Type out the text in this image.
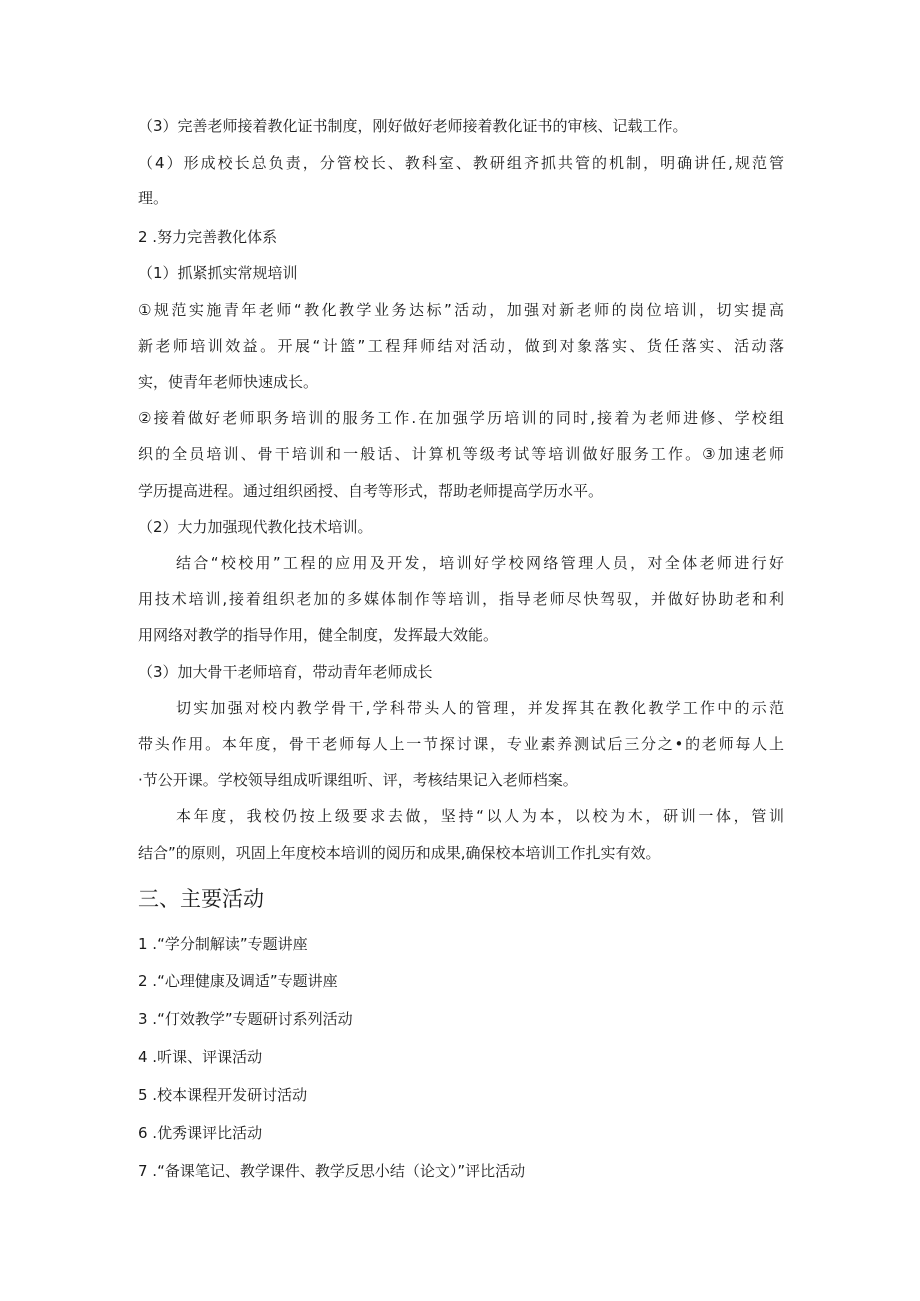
（3）完善老师接着教化证书制度，刚好做好老师接着教化证书的审核、记载工作。
（4）形成校长总负责，分管校长、教科室、教研组齐抓共管的机制，明确讲任,规范管
理。
2 .努力完善教化体系
（1）抓紧抓实常规培训
①规范实施青年老师“教化教学业务达标”活动，加强对新老师的岗位培训，切实提高
新老师培训效益。开展“计篮”工程拜师结对活动，做到对象落实、货任落实、活动落
实，使青年老师快速成长。
②接着做好老师职务培训的服务工作.在加强学历培训的同时,接着为老师进修、学校组
织的全员培训、骨干培训和一般话、计算机等级考试等培训做好服务工作。③加速老师
学历提高进程。通过组织函授、自考等形式，帮助老师提高学历水平。
（2）大力加强现代教化技术培训。
结合“校校用”工程的应用及开发，培训好学校网络管理人员，对全体老师进行好
用技术培训,接着组织老加的多媒体制作等培训，指导老师尽快驾驭，并做好协助老和利
用网络对教学的指导作用，健全制度，发挥最大效能。
（3）加大骨干老师培育，带动青年老师成长
切实加强对校内教学骨干,学科带头人的管理，并发挥其在教化教学工作中的示范
带头作用。本年度，骨干老师每人上一节探讨课，专业素养测试后三分之•的老师每人上
·节公开课。学校领导组成听课组听、评，考核结果记入老师档案。
本年度，我校仍按上级要求去做，坚持“以人为本，以校为木，研训一体，管训
结合”的原则，巩固上年度校本培训的阅历和成果,确保校本培训工作扎实有效。
三、主要活动
1 .“学分制解读”专题讲座
2 .“心理健康及调适”专题讲座
3 .“仃效教学”专题研讨系列活动
4 .听课、评课活动
5 .校本课程开发研讨活动
6 .优秀课评比活动
7 .“备课笔记、教学课件、教学反思小结（论文）”评比活动
